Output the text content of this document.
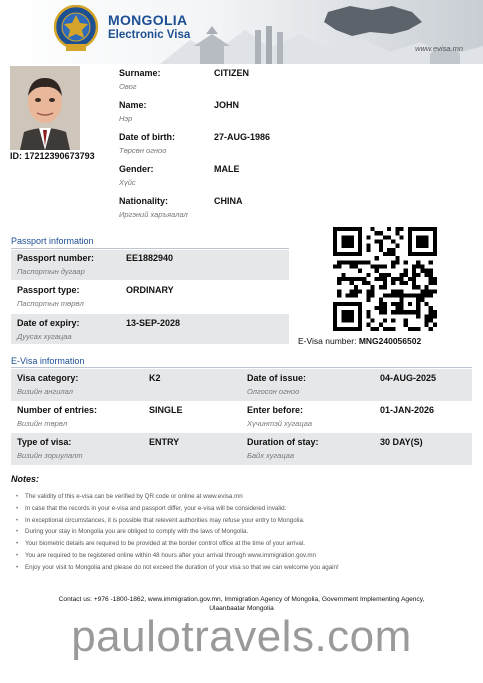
MONGOLIA
Electronic Visa
www.evisa.mn
ID: 17212390673793
Surname:
Овог
CITIZEN
Name:
Нэр
JOHN
Date of birth:
Төрсөн огноо
27-AUG-1986
Gender:
Хүйс
MALE
Nationality:
Иргэний харъяалал
CHINA
Passport information
Passport number:
Паспортын дугаар
EE1882940
Passport type:
Паспортын төрөл
ORDINARY
Date of expiry:
Дуусах хугацаа
13-SEP-2028
E-Visa number: MNG240056502
E-Visa information
Visa category:
Визийн ангилал
K2	Date of issue:
Олгосон огноо
04-AUG-2025
Number of entries:
Визийн төрөл
SINGLE	Enter before:
Хүчинтэй хугацаа
01-JAN-2026
Type of visa:
Визийн зориулалт
ENTRY	Duration of stay:
Байх хугацаа
30 DAY(S)
Notes:
• The validity of this e-visa can be verified by QR code or online at www.evisa.mn
• In case that the records in your e-visa and passport differ, your e-visa will be considered invalid.
• In exceptional circumstances, it is possible that relevent authorities may refuse your entry to Mongolia.
• During your stay in Mongolia you are obliged to comply with the laws of Mongolia.
• Your biometric details are required to be provided at the border control office at the time of your arrival.
• You are required to be registered online within 48 hours after your arrival through www.immigration.gov.mn
• Enjoy your visit to Mongolia and please do not exceed the duration of your visa so that we can welcome you again!
Contact us: +976 -1800-1862, www.immigration.gov.mn, Immigration Agency of Mongolia, Government Implementing Agency,
Ulaanbaatar Mongolia
paulotravels.com
